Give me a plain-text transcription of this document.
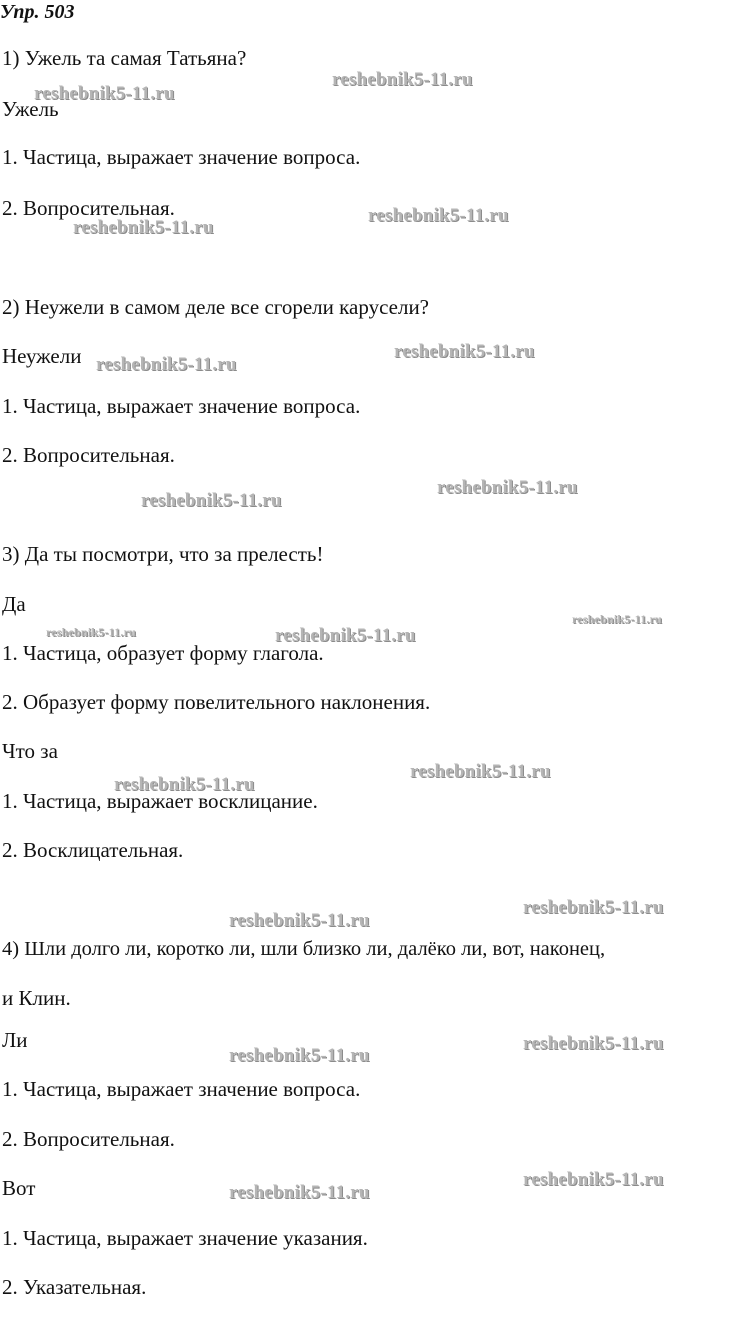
Упр. 503
1) Ужель та самая Татьяна?
Ужель
1. Частица, выражает значение вопроса.
2. Вопросительная.
2) Неужели в самом деле все сгорели карусели?
Неужели
1. Частица, выражает значение вопроса.
2. Вопросительная.
3) Да ты посмотри, что за прелесть!
Да
1. Частица, образует форму глагола.
2. Образует форму повелительного наклонения.
Что за
1. Частица, выражает восклицание.
2. Восклицательная.
4) Шли долго ли, коротко ли, шли близко ли, далёко ли, вот, наконец,
и Клин.
Ли
1. Частица, выражает значение вопроса.
2. Вопросительная.
Вот
1. Частица, выражает значение указания.
2. Указательная.
reshebnik5-11.ru
reshebnik5-11.ru
reshebnik5-11.ru
reshebnik5-11.ru
reshebnik5-11.ru
reshebnik5-11.ru
reshebnik5-11.ru
reshebnik5-11.ru
reshebnik5-11.ru
reshebnik5-11.ru	reshebnik5-11.ru
reshebnik5-11.ru
reshebnik5-11.ru
reshebnik5-11.ru
reshebnik5-11.ru
reshebnik5-11.ru
reshebnik5-11.ru
reshebnik5-11.ru
reshebnik5-11.ru
